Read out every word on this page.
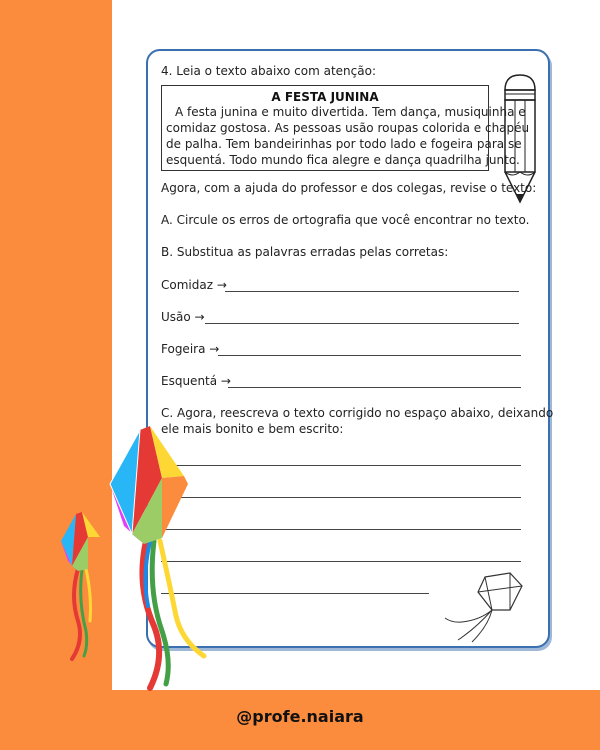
@profe.naiara
4. Leia o texto abaixo com atenção:
A FESTA JUNINA
A festa junina e muito divertida. Tem dança, musiquinha e
comidaz gostosa. As pessoas usão roupas colorida e chapéu
de palha. Tem bandeirinhas por todo lado e fogeira para se
esquentá. Todo mundo fica alegre e dança quadrilha junto.
Agora, com a ajuda do professor e dos colegas, revise o texto:
A. Circule os erros de ortografia que você encontrar no texto.
B. Substitua as palavras erradas pelas corretas:
Comidaz →
Usão →
Fogeira →
Esquentá →
C. Agora, reescreva o texto corrigido no espaço abaixo, deixando
ele mais bonito e bem escrito:
